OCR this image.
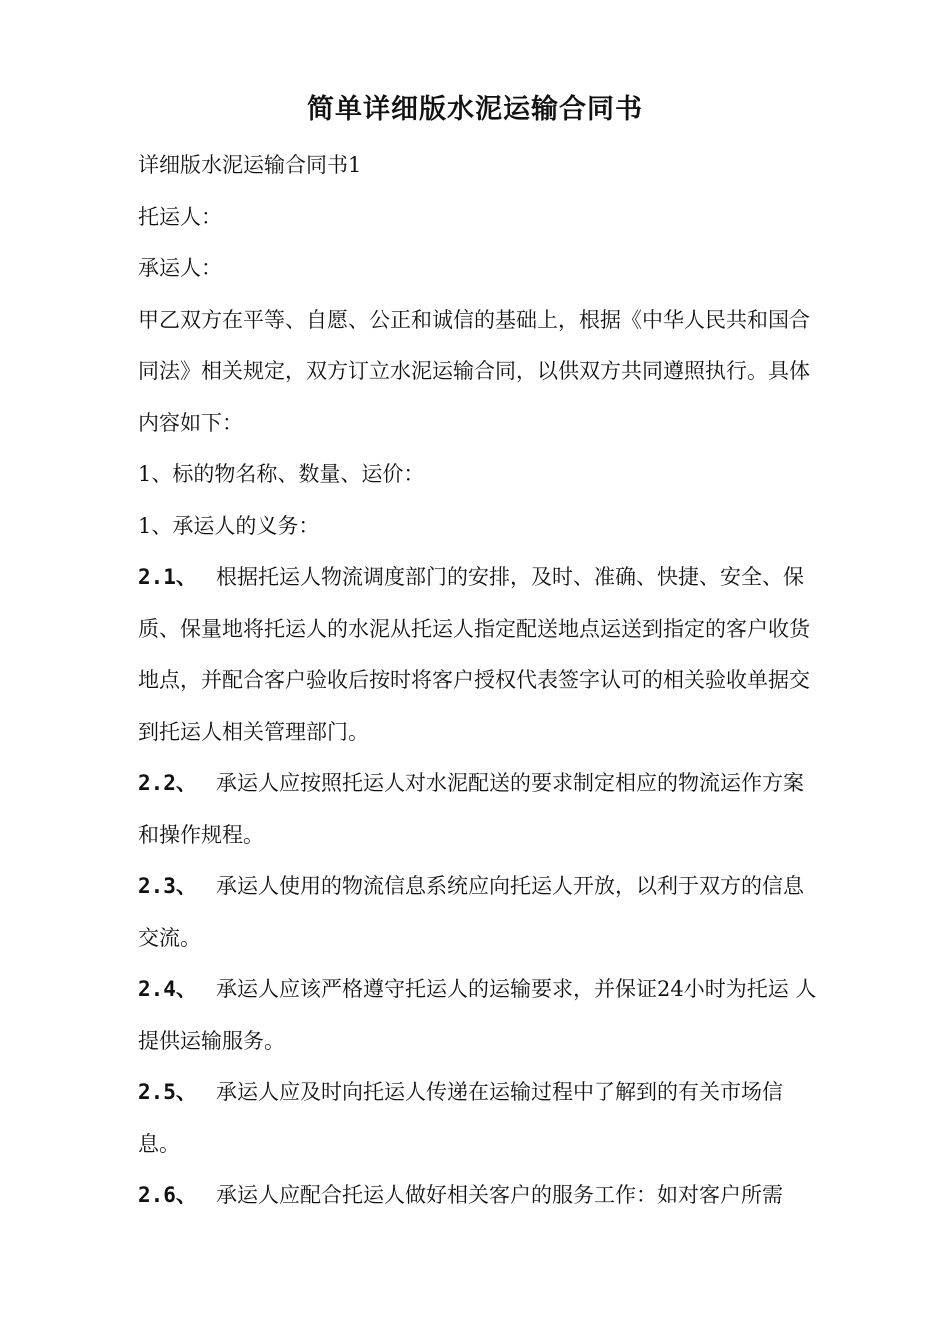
简单详细版水泥运输合同书

详细版水泥运输合同书1

托运人：

承运人：

甲乙双方在平等、自愿、公正和诚信的基础上，根据《中华人民共和国合同法》相关规定，双方订立水泥运输合同，以供双方共同遵照执行。具体内容如下：

1、标的物名称、数量、运价：

1、承运人的义务：

2.1、 根据托运人物流调度部门的安排，及时、准确、快捷、安全、保质、保量地将托运人的水泥从托运人指定配送地点运送到指定的客户收货地点，并配合客户验收后按时将客户授权代表签字认可的相关验收单据交到托运人相关管理部门。

2.2、 承运人应按照托运人对水泥配送的要求制定相应的物流运作方案和操作规程。

2.3、 承运人使用的物流信息系统应向托运人开放，以利于双方的信息交流。

2.4、 承运人应该严格遵守托运人的运输要求，并保证24小时为托运 人提供运输服务。

2.5、 承运人应及时向托运人传递在运输过程中了解到的有关市场信息。

2.6、 承运人应配合托运人做好相关客户的服务工作：如对客户所需
